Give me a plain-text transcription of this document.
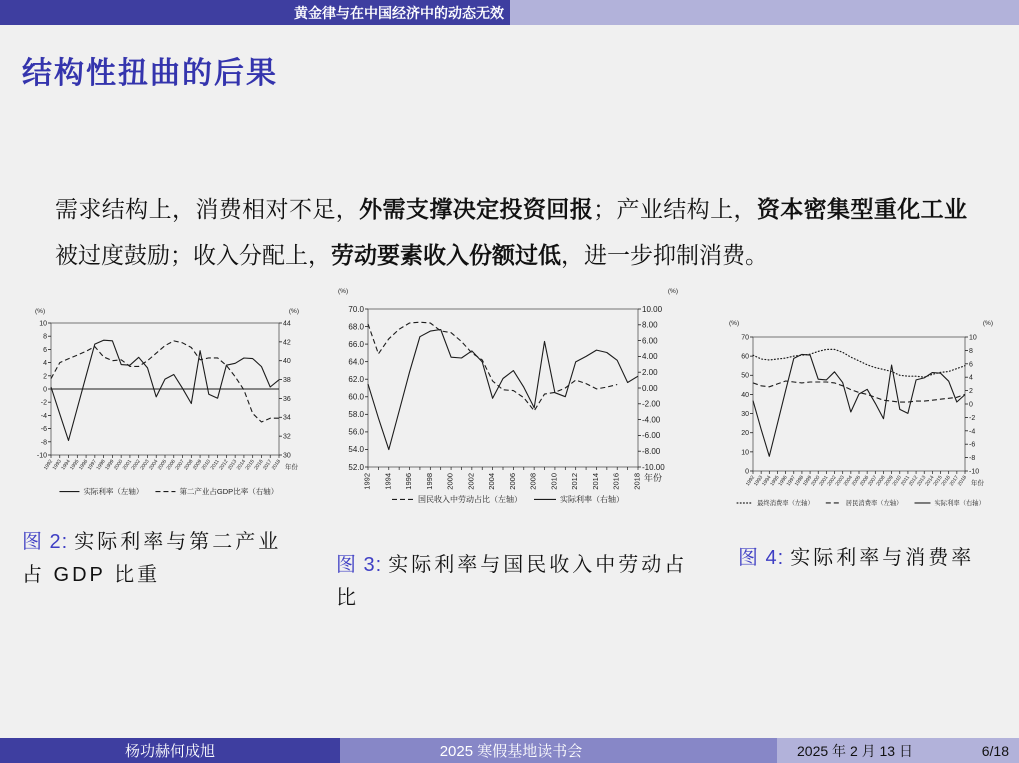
黄金律与在中国经济中的动态无效
结构性扭曲的后果
需求结构上，消费相对不足，外需支撑决定投资回报；产业结构上，资本密集型重化工业被过度鼓励；收入分配上，劳动要素收入份额过低，进一步抑制消费。
-10
-8
-6
-4
-2
0
2
4
6
8
10
30
32
34
36
38
40
42
44
(%)	(%)
1992
1993
1994
1995
1996
1997
1998
1999
2000
2001
2002
2003
2004
2005
2006
2007
2008
2009
2010
2011
2012
2013
2014
2015
2016
2017
2018 年份
实际利率（左轴）	第二产业占GDP比率（右轴）
52.0
54.0
56.0
58.0
60.0
62.0
64.0
66.0
68.0
70.0
-10.00
-8.00
-6.00
-4.00
-2.00
0.00
2.00
4.00
6.00
8.00
10.00
(%)	(%)
1992 1994 1996 1998 2000 2002 2004 2006 2008 2010 2012 2014 2016 2018 年份
国民收入中劳动占比（左轴）	实际利率（右轴）
0
10
20
30
40
50
60
70
-10
-8
-6
-4
-2
0
2
4
6
8
10
(%)	(%)
1992
1993
1994
1995
1996
1997
1998
1999
2000
2001
2002
2003
2004
2005
2006
2007
2008
2009
2010
2011
2012
2013
2014
2015
2016
2017
2018 年份
最终消费率（左轴）	居民消费率（左轴）	实际利率（右轴）
图 2: 实际利率与第二产业占 GDP 比重	图 3: 实际利率与国民收入中劳动占比
图 4: 实际利率与消费率
杨功赫何成旭	2025 寒假基地读书会	2025 年 2 月 13 日	6/18
